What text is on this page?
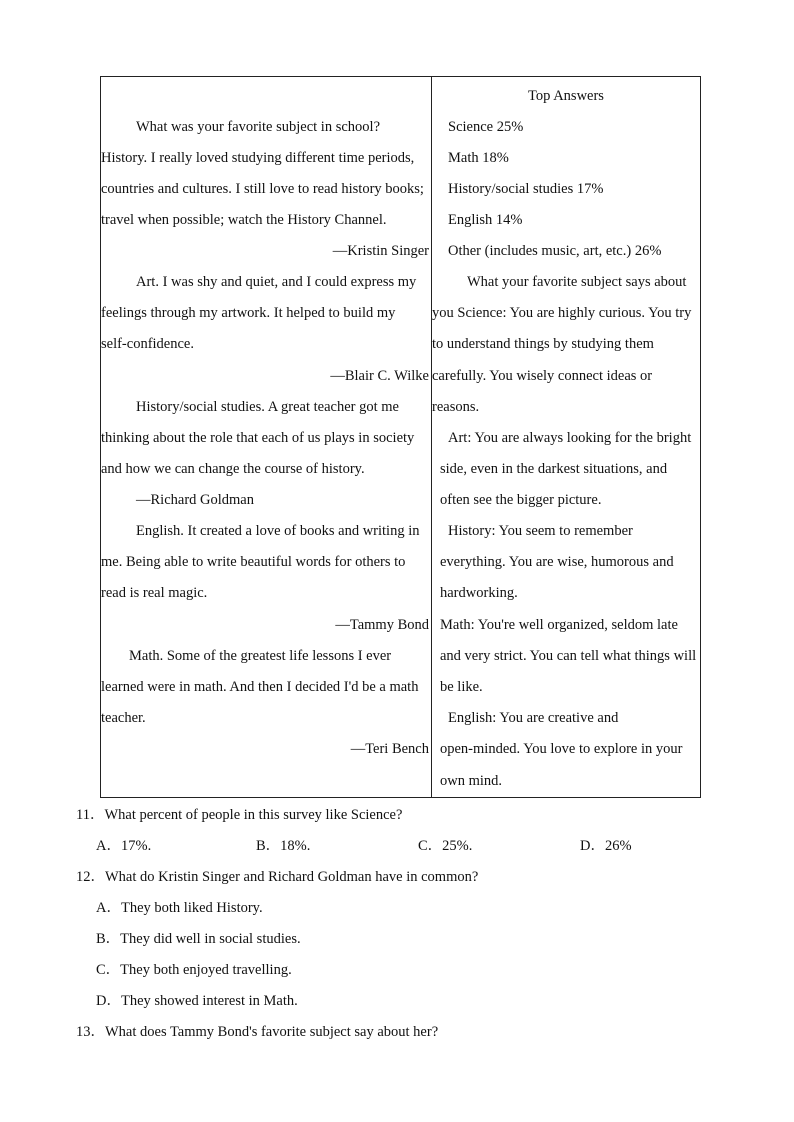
What was your favorite subject in school?
History. I really loved studying different time periods,
countries and cultures. I still love to read history books;
travel when possible; watch the History Channel.
—Kristin Singer
Art. I was shy and quiet, and I could express my
feelings through my artwork. It helped to build my
self-confidence.
—Blair C. Wilke
History/social studies. A great teacher got me
thinking about the role that each of us plays in society
and how we can change the course of history.
—Richard Goldman
English. It created a love of books and writing in
me. Being able to write beautiful words for others to
read is real magic.
—Tammy Bond
Math. Some of the greatest life lessons I ever
learned were in math. And then I decided I'd be a math
teacher.
—Teri Bench
Top Answers
Science 25%
Math 18%
History/social studies 17%
English 14%
Other (includes music, art, etc.) 26%
What your favorite subject says about
you Science: You are highly curious. You try
to understand things by studying them
carefully. You wisely connect ideas or
reasons.
Art: You are always looking for the bright
side, even in the darkest situations, and
often see the bigger picture.
History: You seem to remember
everything. You are wise, humorous and
hardworking.
Math: You're well organized, seldom late
and very strict. You can tell what things will
be like.
English: You are creative and
open-minded. You love to explore in your
own mind.
11．What percent of people in this survey like Science?
A．17%.	B．18%.	C．25%.	D．26%
12．What do Kristin Singer and Richard Goldman have in common?
A．They both liked History.
B．They did well in social studies.
C．They both enjoyed travelling.
D．They showed interest in Math.
13．What does Tammy Bond's favorite subject say about her?
